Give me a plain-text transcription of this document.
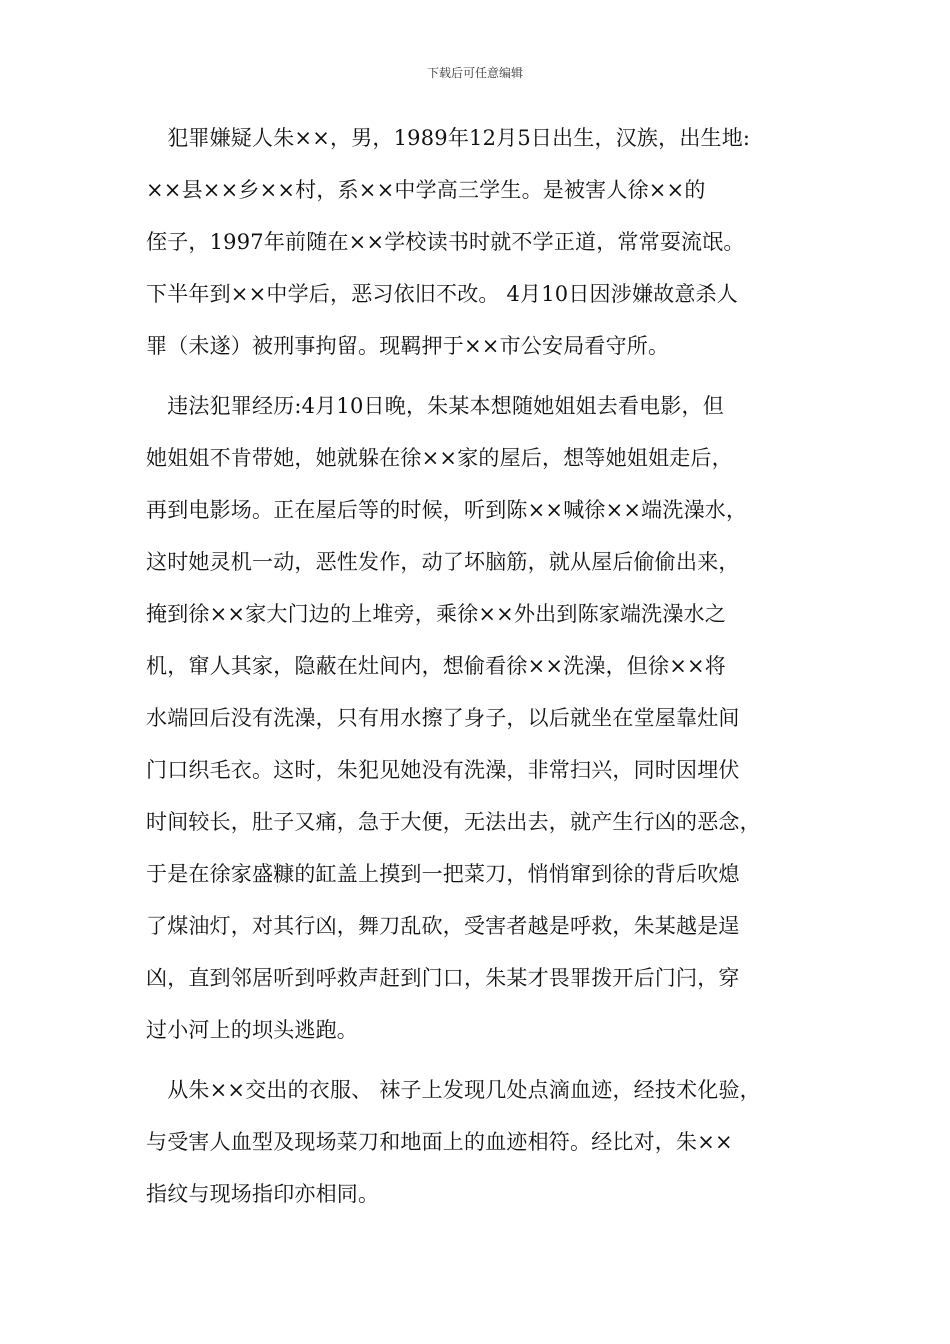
下载后可任意编辑
　犯罪嫌疑人朱××，男，1989年12月5日出生，汉族，出生地:
××县××乡××村，系××中学高三学生。是被害人徐××的
侄子，1997年前随在××学校读书时就不学正道，常常耍流氓。
下半年到××中学后，恶习依旧不改。 4月10日因涉嫌故意杀人
罪（未遂）被刑事拘留。现羁押于××市公安局看守所。
　违法犯罪经历:4月10日晚，朱某本想随她姐姐去看电影，但
她姐姐不肯带她，她就躲在徐××家的屋后，想等她姐姐走后，
再到电影场。正在屋后等的时候，听到陈××喊徐××端洗澡水，
这时她灵机一动，恶性发作，动了坏脑筋，就从屋后偷偷出来，
掩到徐××家大门边的上堆旁，乘徐××外出到陈家端洗澡水之
机，窜人其家，隐蔽在灶间内，想偷看徐××洗澡，但徐××将
水端回后没有洗澡，只有用水擦了身子，以后就坐在堂屋靠灶间
门口织毛衣。这时，朱犯见她没有洗澡，非常扫兴，同时因埋伏
时间较长，肚子又痛，急于大便，无法出去，就产生行凶的恶念，
于是在徐家盛糠的缸盖上摸到一把菜刀，悄悄窜到徐的背后吹熄
了煤油灯，对其行凶，舞刀乱砍，受害者越是呼救，朱某越是逞
凶，直到邻居听到呼救声赶到门口，朱某才畏罪拨开后门闩，穿
过小河上的坝头逃跑。
　从朱××交出的衣服、 袜子上发现几处点滴血迹，经技术化验，
与受害人血型及现场菜刀和地面上的血迹相符。经比对，朱××
指纹与现场指印亦相同。
